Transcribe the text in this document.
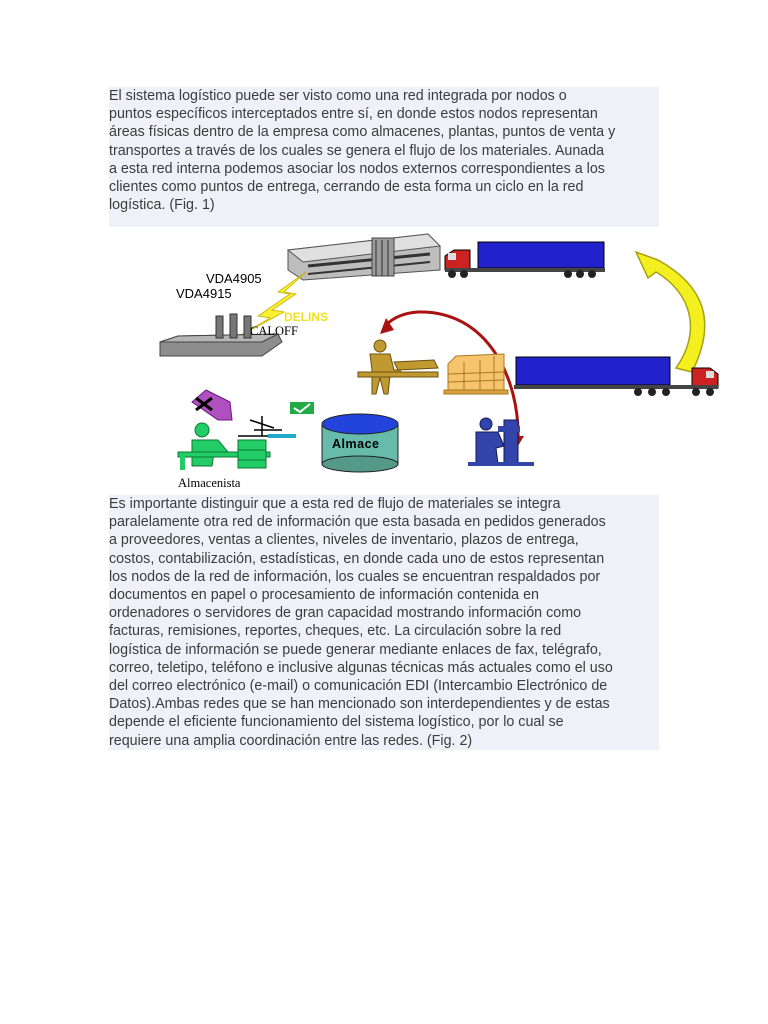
El sistema logístico puede ser visto como una red integrada por nodos o
puntos específicos interceptados entre sí, en donde estos nodos representan
áreas físicas dentro de la empresa como almacenes, plantas, puntos de venta y
transportes a través de los cuales se genera el flujo de los materiales. Aunada
a esta red interna podemos asociar los nodos externos correspondientes a los
clientes como puntos de entrega, cerrando de esta forma un ciclo en la red
logística. (Fig. 1)
VDA4905
VDA4915
DELINS
CALOFF
Almace
Almacenista
Es importante distinguir que a esta red de flujo de materiales se integra
paralelamente otra red de información que esta basada en pedidos generados
a proveedores, ventas a clientes, niveles de inventario, plazos de entrega,
costos, contabilización, estadísticas, en donde cada uno de estos representan
los nodos de la red de información, los cuales se encuentran respaldados por
documentos en papel o procesamiento de información contenida en
ordenadores o servidores de gran capacidad mostrando información como
facturas, remisiones, reportes, cheques, etc. La circulación sobre la red
logística de información se puede generar mediante enlaces de fax, telégrafo,
correo, teletipo, teléfono e inclusive algunas técnicas más actuales como el uso
del correo electrónico (e-mail) o comunicación EDI (Intercambio Electrónico de
Datos).Ambas redes que se han mencionado son interdependientes y de estas
depende el eficiente funcionamiento del sistema logístico, por lo cual se
requiere una amplia coordinación entre las redes. (Fig. 2)
